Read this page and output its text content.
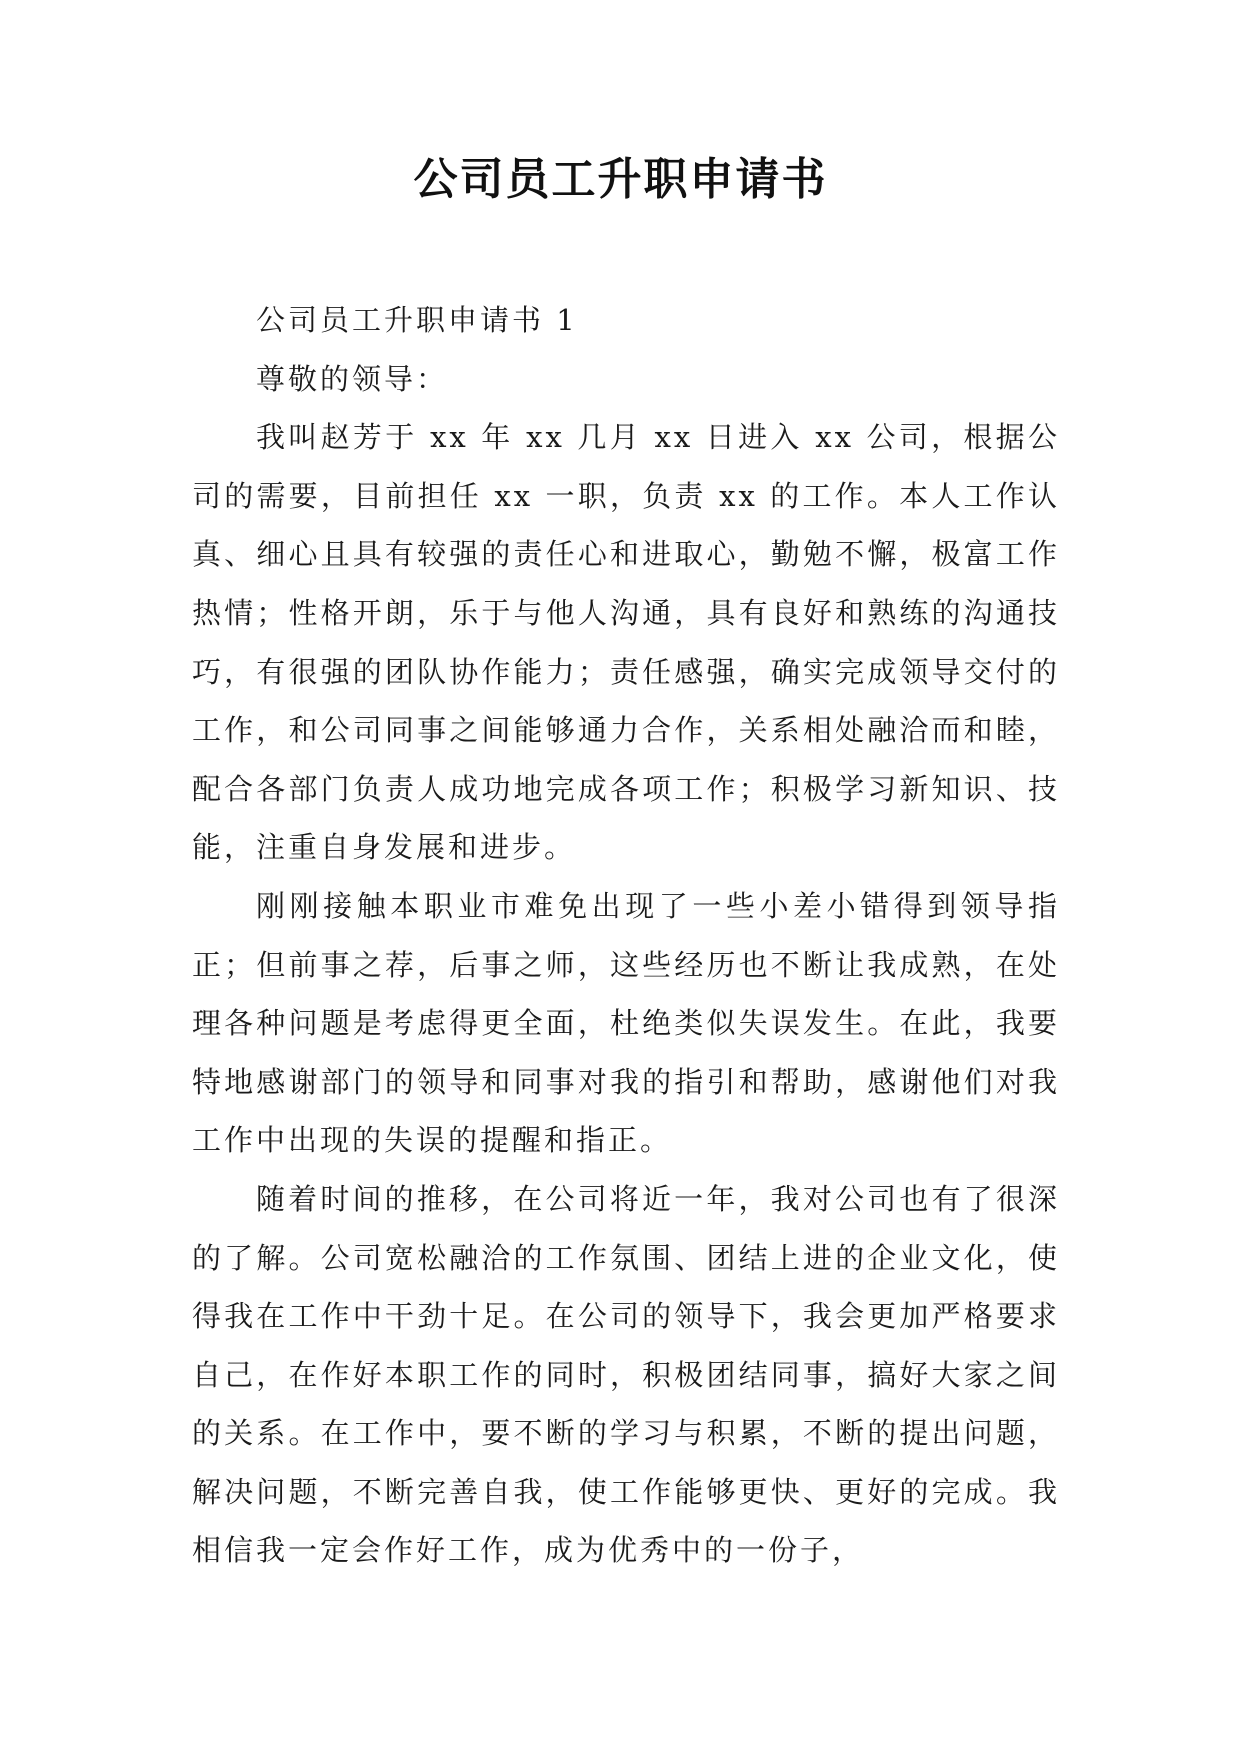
公司员工升职申请书

公司员工升职申请书 1

尊敬的领导：

我叫赵芳于 xx 年 xx 几月 xx 日进入 xx 公司，根据公司的需要，目前担任 xx 一职，负责 xx 的工作。本人工作认真、细心且具有较强的责任心和进取心，勤勉不懈，极富工作热情；性格开朗，乐于与他人沟通，具有良好和熟练的沟通技巧，有很强的团队协作能力；责任感强，确实完成领导交付的工作，和公司同事之间能够通力合作，关系相处融洽而和睦，配合各部门负责人成功地完成各项工作；积极学习新知识、技能，注重自身发展和进步。

刚刚接触本职业市难免出现了一些小差小错得到领导指正；但前事之荐，后事之师，这些经历也不断让我成熟，在处理各种问题是考虑得更全面，杜绝类似失误发生。在此，我要特地感谢部门的领导和同事对我的指引和帮助，感谢他们对我工作中出现的失误的提醒和指正。

随着时间的推移，在公司将近一年，我对公司也有了很深的了解。公司宽松融洽的工作氛围、团结上进的企业文化，使得我在工作中干劲十足。在公司的领导下，我会更加严格要求自己，在作好本职工作的同时，积极团结同事，搞好大家之间的关系。在工作中，要不断的学习与积累，不断的提出问题，解决问题，不断完善自我，使工作能够更快、更好的完成。我相信我一定会作好工作，成为优秀中的一份子，
